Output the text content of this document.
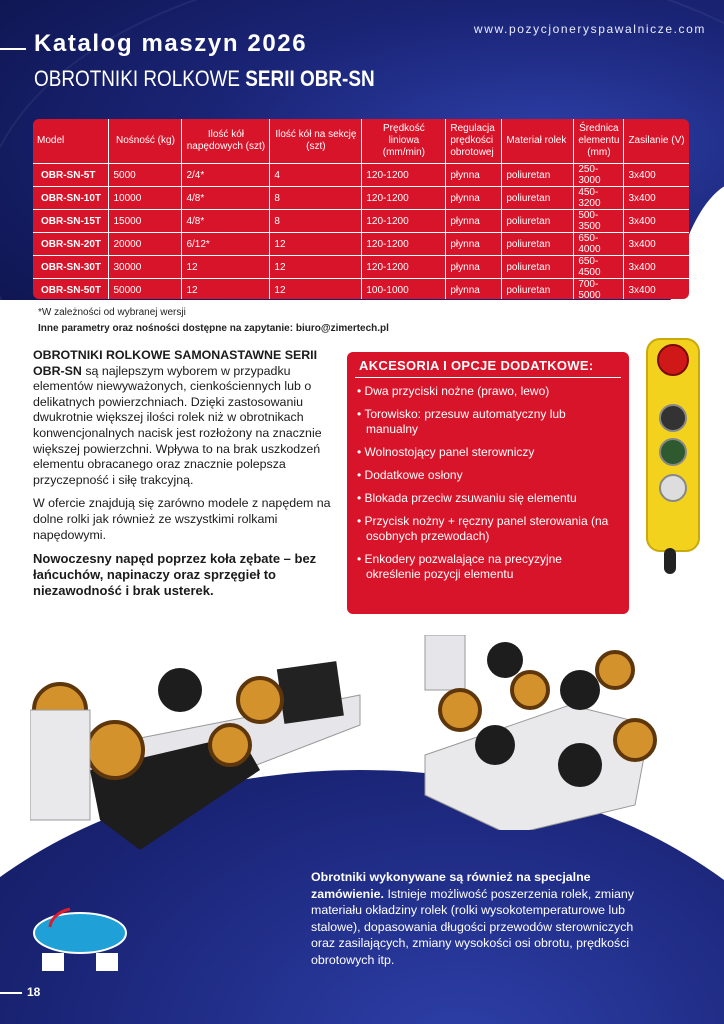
www.pozycjoneryspawalnicze.com
Katalog maszyn 2026
OBROTNIKI ROLKOWE SERII OBR-SN
Model	Nośność (kg)	Ilość kół napędowych (szt)	Ilość kół na sekcję (szt)	Prędkość liniowa (mm/min)	Regulacja prędkości obrotowej	Materiał rolek	Średnica elementu (mm)	Zasilanie (V)
OBR-SN-5T	5000	2/4*	4	120-1200	płynna	poliuretan	250-3000	3x400
OBR-SN-10T	10000	4/8*	8	120-1200	płynna	poliuretan	450-3200	3x400
OBR-SN-15T	15000	4/8*	8	120-1200	płynna	poliuretan	500-3500	3x400
OBR-SN-20T	20000	6/12*	12	120-1200	płynna	poliuretan	650-4000	3x400
OBR-SN-30T	30000	12	12	120-1200	płynna	poliuretan	650-4500	3x400
OBR-SN-50T	50000	12	12	100-1000	płynna	poliuretan	700-5000	3x400
*W zależności od wybranej wersji
Inne parametry oraz nośności dostępne na zapytanie: biuro@zimertech.pl

OBROTNIKI ROLKOWE SAMONASTAWNE SERII OBR-SN są najlepszym wyborem w przypadku elementów niewyważonych, cienkościennych lub o delikatnych powierzchniach. Dzięki zastosowaniu dwukrotnie większej ilości rolek niż w obrotnikach konwencjonalnych nacisk jest rozłożony na znacznie większej powierzchni. Wpływa to na brak uszkodzeń elementu obracanego oraz znacznie polepsza przyczepność i siłę trakcyjną.

W ofercie znajdują się zarówno modele z napędem na dolne rolki jak również ze wszystkimi rolkami napędowymi.

Nowoczesny napęd poprzez koła zębate – bez łańcuchów, napinaczy oraz sprzęgieł to niezawodność i brak usterek.

AKCESORIA I OPCJE DODATKOWE:
• Dwa przyciski nożne (prawo, lewo)
• Torowisko: przesuw automatyczny lub manualny
• Wolnostojący panel sterowniczy
• Dodatkowe osłony
• Blokada przeciw zsuwaniu się elementu
• Przycisk nożny + ręczny panel sterowania (na osobnych przewodach)
• Enkodery pozwalające na precyzyjne określenie pozycji elementu
Obrotniki wykonywane są również na specjalne zamówienie. Istnieje możliwość poszerzenia rolek, zmiany materiału okładziny rolek (rolki wysokotemperaturowe lub stalowe), dopasowania długości przewodów sterowniczych oraz zasilających, zmiany wysokości osi obrotu, prędkości obrotowych itp.
18
